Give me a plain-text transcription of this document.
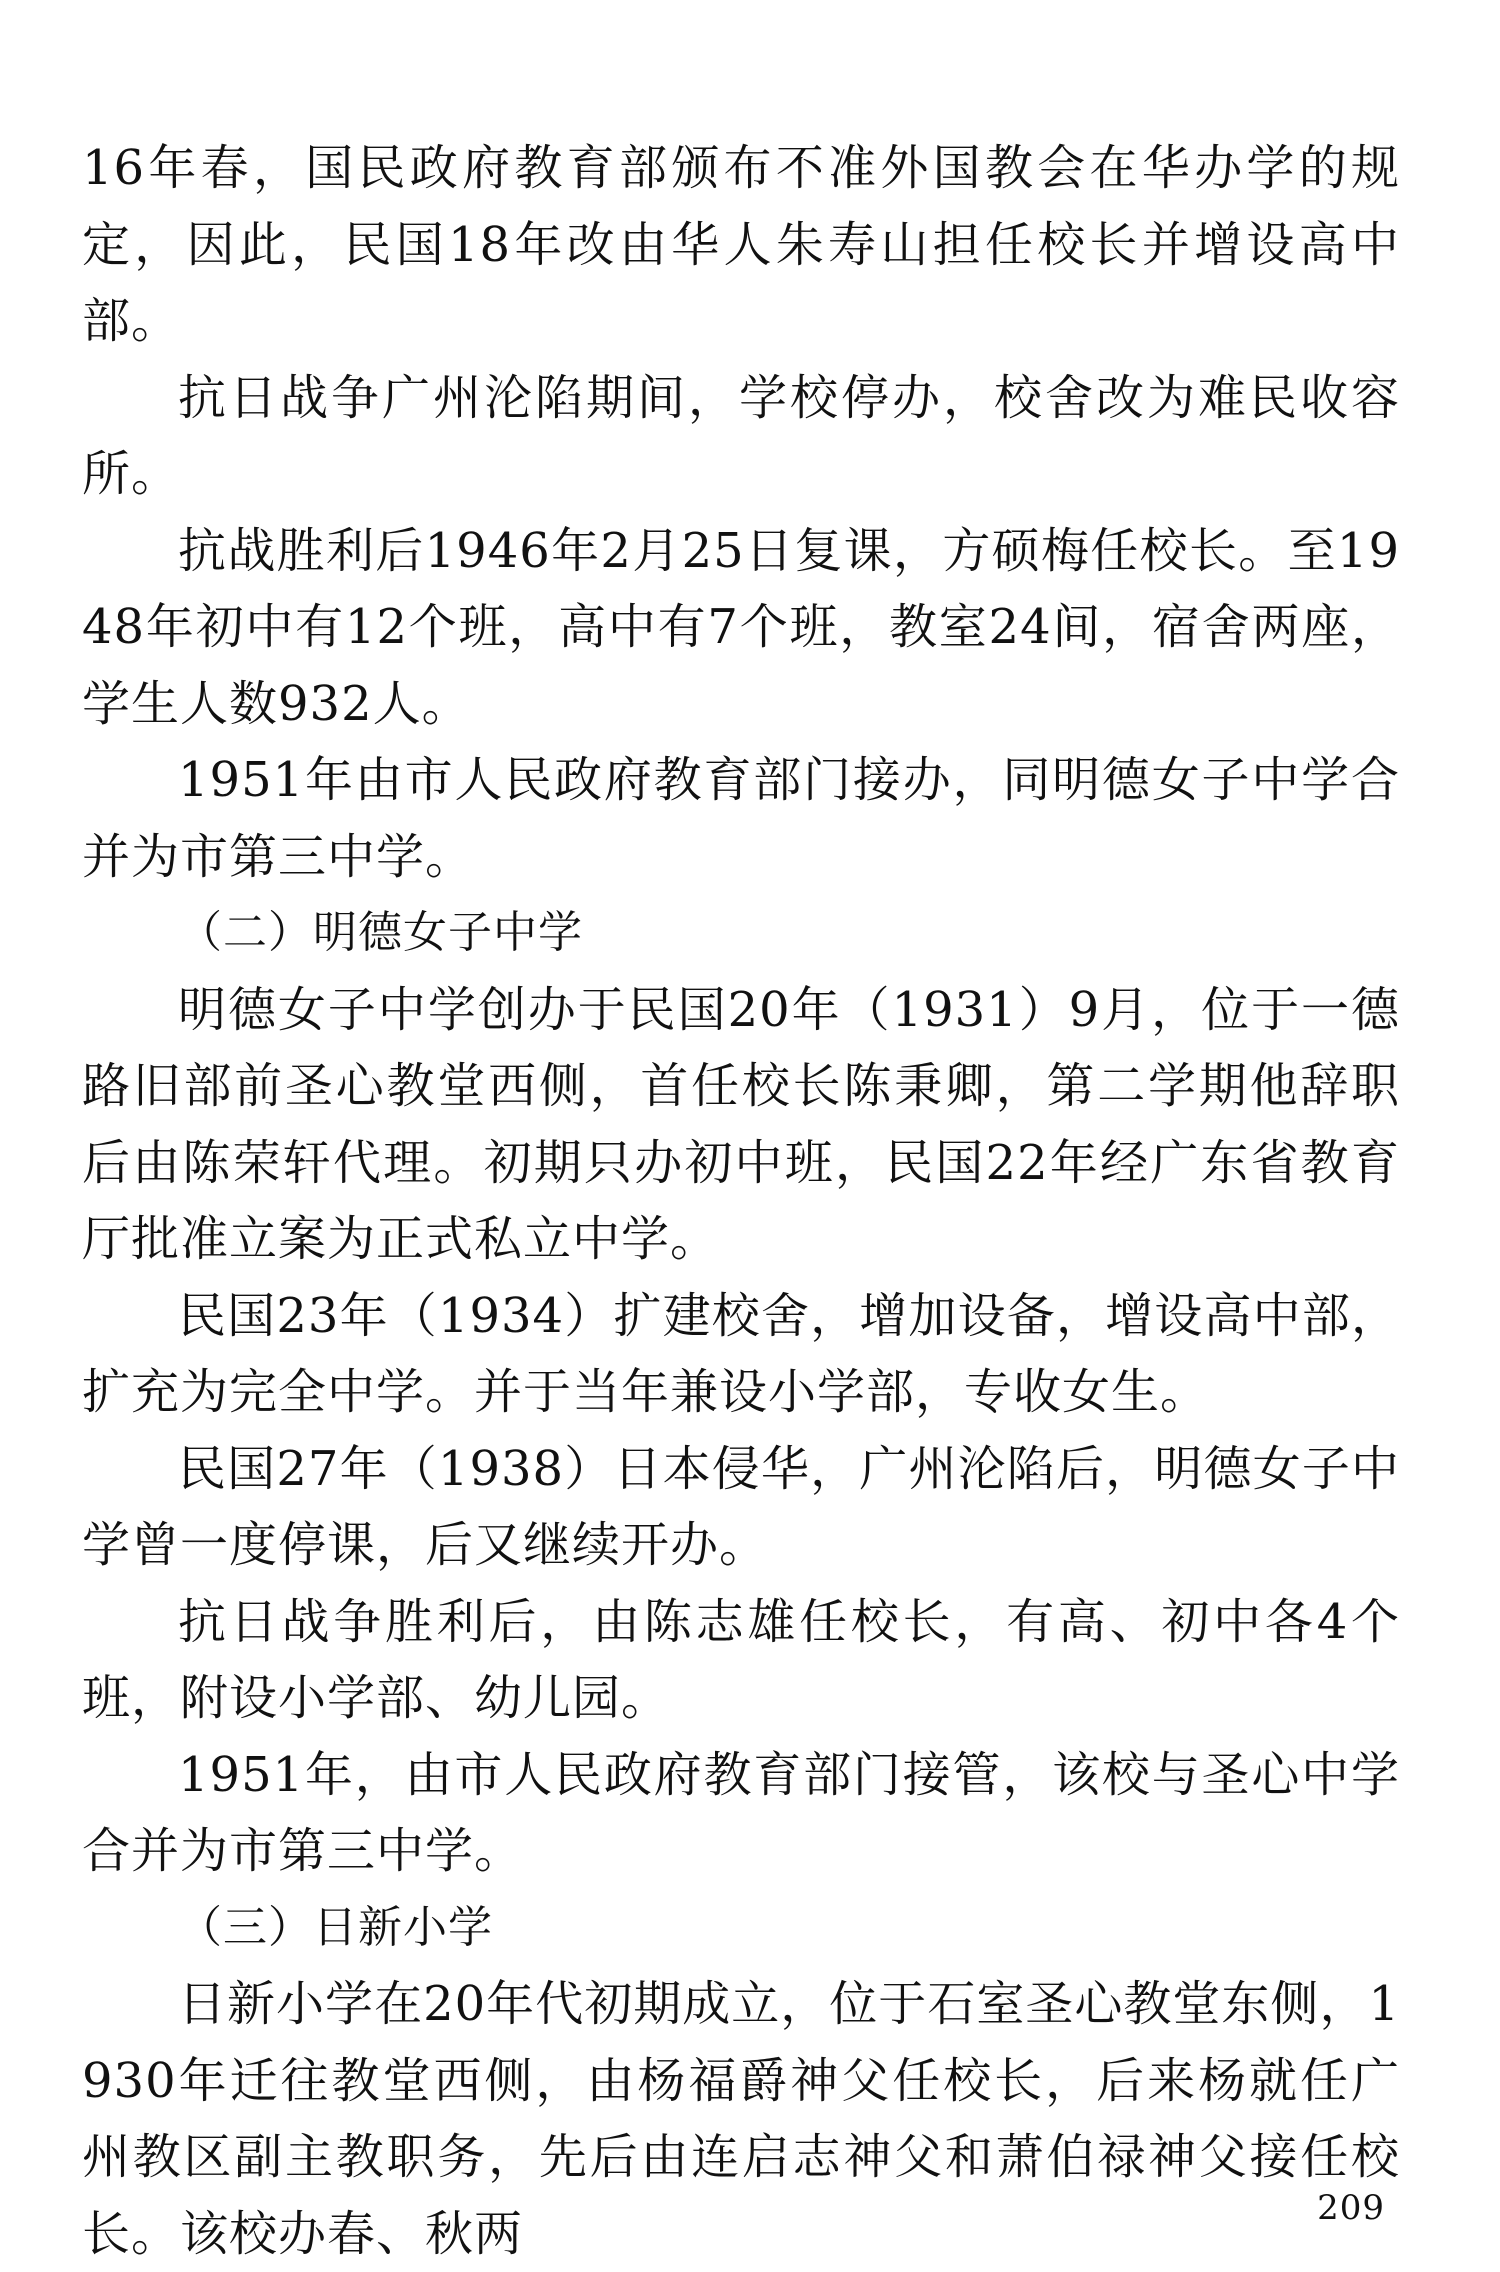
16年春，国民政府教育部颁布不准外国教会在华办学的规定，因此，民国18年改由华人朱寿山担任校长并增设高中部。

抗日战争广州沦陷期间，学校停办，校舍改为难民收容所。

抗战胜利后1946年2月25日复课，方硕梅任校长。至1948年初中有12个班，高中有7个班，教室24间，宿舍两座，学生人数932人。

1951年由市人民政府教育部门接办，同明德女子中学合并为市第三中学。

（二）明德女子中学

明德女子中学创办于民国20年（1931）9月，位于一德路旧部前圣心教堂西侧，首任校长陈秉卿，第二学期他辞职后由陈荣轩代理。初期只办初中班，民国22年经广东省教育厅批准立案为正式私立中学。

民国23年（1934）扩建校舍，增加设备，增设高中部，扩充为完全中学。并于当年兼设小学部，专收女生。

民国27年（1938）日本侵华，广州沦陷后，明德女子中学曾一度停课，后又继续开办。

抗日战争胜利后，由陈志雄任校长，有高、初中各4个班，附设小学部、幼儿园。

1951年，由市人民政府教育部门接管，该校与圣心中学合并为市第三中学。

（三）日新小学

日新小学在20年代初期成立，位于石室圣心教堂东侧，1930年迁往教堂西侧，由杨福爵神父任校长，后来杨就任广州教区副主教职务，先后由连启志神父和萧伯禄神父接任校长。该校办春、秋两	209
